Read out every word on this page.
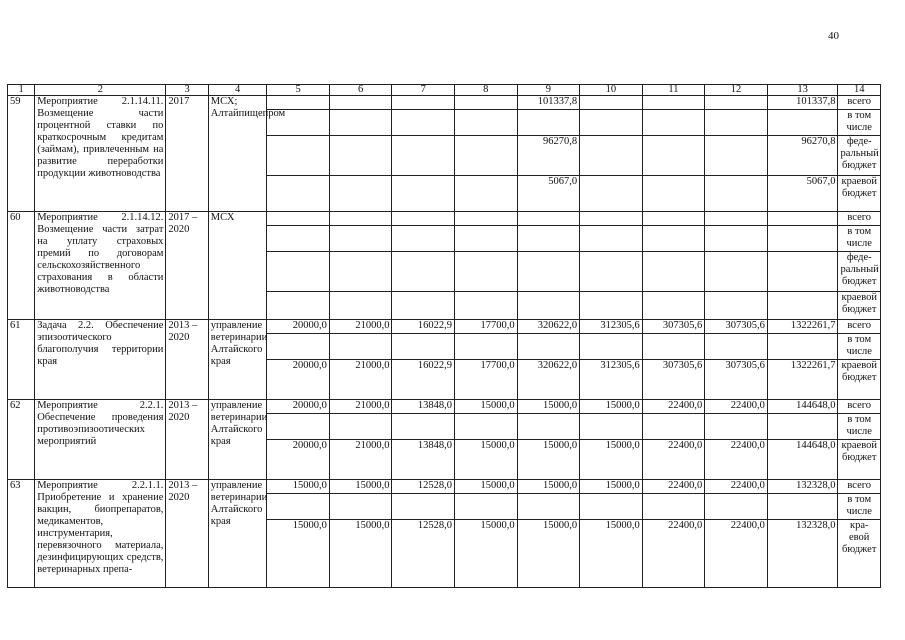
40
1	2	3	4	5	6	7	8	9	10	11	12	13	14
59	Мероприятие 2.1.14.11. Возмещение части процентной ставки по краткосрочным кредитам (займам), привлеченным на развитие переработки продукции животноводства	2017	МСХ; Алтайпищепром					101337,8				101337,8	всего
													в том числе
								96270,8				96270,8	феде-ральный бюджет
								5067,0				5067,0	краевой бюджет
60	Мероприятие 2.1.14.12. Возмещение части затрат на уплату страховых премий по договорам сельскохозяйственного страхования в области животноводства	2017 – 2020	МСХ										всего
													в том числе
													феде-ральный бюджет
													краевой бюджет
61	Задача 2.2. Обеспечение эпизоотического благополучия территории края	2013 – 2020	управление ветеринарии Алтайского края	20000,0	21000,0	16022,9	17700,0	320622,0	312305,6	307305,6	307305,6	1322261,7	всего
													в том числе
				20000,0	21000,0	16022,9	17700,0	320622,0	312305,6	307305,6	307305,6	1322261,7	краевой бюджет
62	Мероприятие 2.2.1. Обеспечение проведения противоэпизоотических мероприятий	2013 – 2020	управление ветеринарии Алтайского края	20000,0	21000,0	13848,0	15000,0	15000,0	15000,0	22400,0	22400,0	144648,0	всего
													в том числе
				20000,0	21000,0	13848,0	15000,0	15000,0	15000,0	22400,0	22400,0	144648,0	краевой бюджет
63	Мероприятие 2.2.1.1. Приобретение и хранение вакцин, биопрепаратов, медикаментов, инструментария, перевязочного материала, дезинфицирующих средств, ветеринарных препа-	2013 – 2020	управление ветеринарии Алтайского края	15000,0	15000,0	12528,0	15000,0	15000,0	15000,0	22400,0	22400,0	132328,0	всего
													в том числе
				15000,0	15000,0	12528,0	15000,0	15000,0	15000,0	22400,0	22400,0	132328,0	кра-евой бюджет
